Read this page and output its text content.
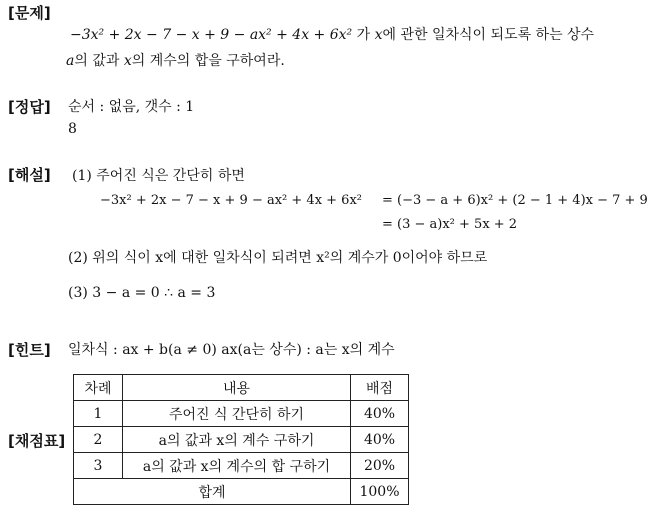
[문제]
−3x² + 2x − 7 − x + 9 − ax² + 4x + 6x² 가 x에 관한 일차식이 되도록 하는 상수
a의 값과 x의 계수의 합을 구하여라.
[정답] 순서 : 없음, 갯수 : 1
8
[해설] (1) 주어진 식은 간단히 하면
−3x² + 2x − 7 − x + 9 − ax² + 4x + 6x² = (−3 − a + 6)x² + (2 − 1 + 4)x − 7 + 9
= (3 − a)x² + 5x + 2
(2) 위의 식이 x에 대한 일차식이 되려면 x²의 계수가 0이어야 하므로
(3) 3 − a = 0 ∴ a = 3
[힌트] 일차식 : ax + b(a ≠ 0) ax(a는 상수) : a는 x의 계수
[채점표]
차례	내용	배점
1	주어진 식 간단히 하기	40%
2	a의 값과 x의 계수 구하기	40%
3	a의 값과 x의 계수의 합 구하기	20%
합계		100%
